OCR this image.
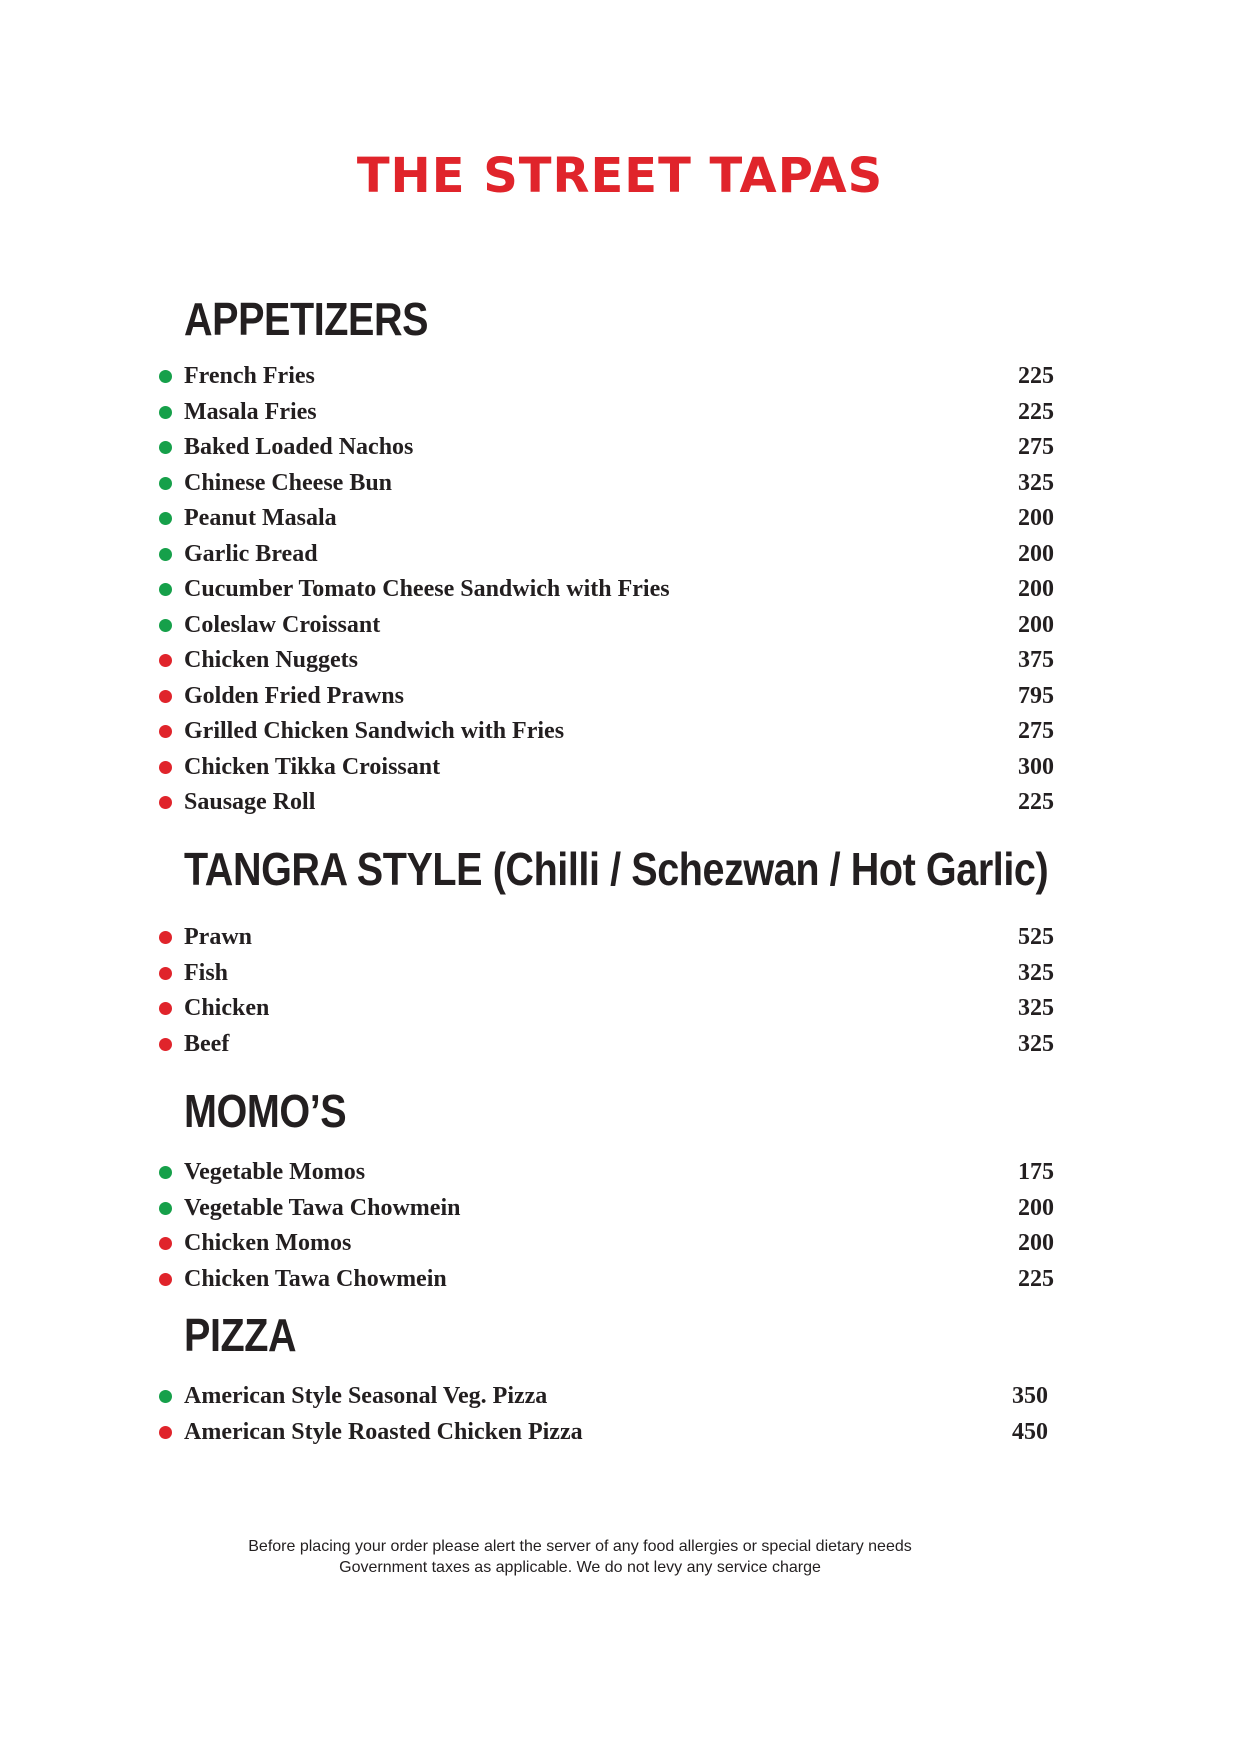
THE STREET TAPAS
APPETIZERS
French Fries	225
Masala Fries	225
Baked Loaded Nachos	275
Chinese Cheese Bun	325
Peanut Masala	200
Garlic Bread	200
Cucumber Tomato Cheese Sandwich with Fries	200
Coleslaw Croissant	200
Chicken Nuggets	375
Golden Fried Prawns	795
Grilled Chicken Sandwich with Fries	275
Chicken Tikka Croissant	300
Sausage Roll	225
TANGRA STYLE (Chilli / Schezwan / Hot Garlic)
Prawn	525
Fish	325
Chicken	325
Beef	325
MOMO’S
Vegetable Momos	175
Vegetable Tawa Chowmein	200
Chicken Momos	200
Chicken Tawa Chowmein	225
PIZZA
American Style Seasonal Veg. Pizza	350
American Style Roasted Chicken Pizza	450
Before placing your order please alert the server of any food allergies or special dietary needs
Government taxes as applicable. We do not levy any service charge
